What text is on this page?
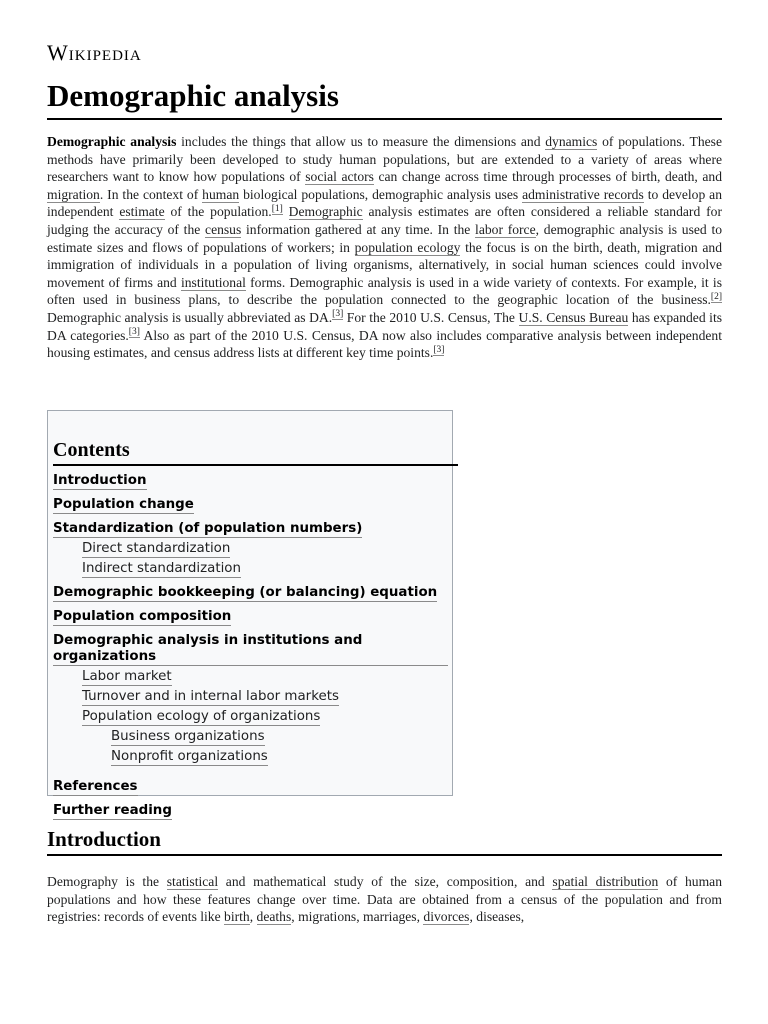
Wikipedia
Demographic analysis

Demographic analysis includes the things that allow us to measure the dimensions and dynamics of populations. These methods have primarily been developed to study human populations, but are extended to a variety of areas where researchers want to know how populations of social actors can change across time through processes of birth, death, and migration. In the context of human biological populations, demographic analysis uses administrative records to develop an independent estimate of the population.[1] Demographic analysis estimates are often considered a reliable standard for judging the accuracy of the census information gathered at any time. In the labor force, demographic analysis is used to estimate sizes and flows of populations of workers; in population ecology the focus is on the birth, death, migration and immigration of individuals in a population of living organisms, alternatively, in social human sciences could involve movement of firms and institutional forms. Demographic analysis is used in a wide variety of contexts. For example, it is often used in business plans, to describe the population connected to the geographic location of the business.[2] Demographic analysis is usually abbreviated as DA.[3] For the 2010 U.S. Census, The U.S. Census Bureau has expanded its DA categories.[3] Also as part of the 2010 U.S. Census, DA now also includes comparative analysis between independent housing estimates, and census address lists at different key time points.[3]

Contents
Introduction
Population change
Standardization (of population numbers)
Direct standardization
Indirect standardization
Demographic bookkeeping (or balancing) equation
Population composition
Demographic analysis in institutions and organizations
Labor market
Turnover and in internal labor markets
Population ecology of organizations
Business organizations
Nonprofit organizations
References
Further reading
Introduction

Demography is the statistical and mathematical study of the size, composition, and spatial distribution of human populations and how these features change over time. Data are obtained from a census of the population and from registries: records of events like birth, deaths, migrations, marriages, divorces, diseases,
